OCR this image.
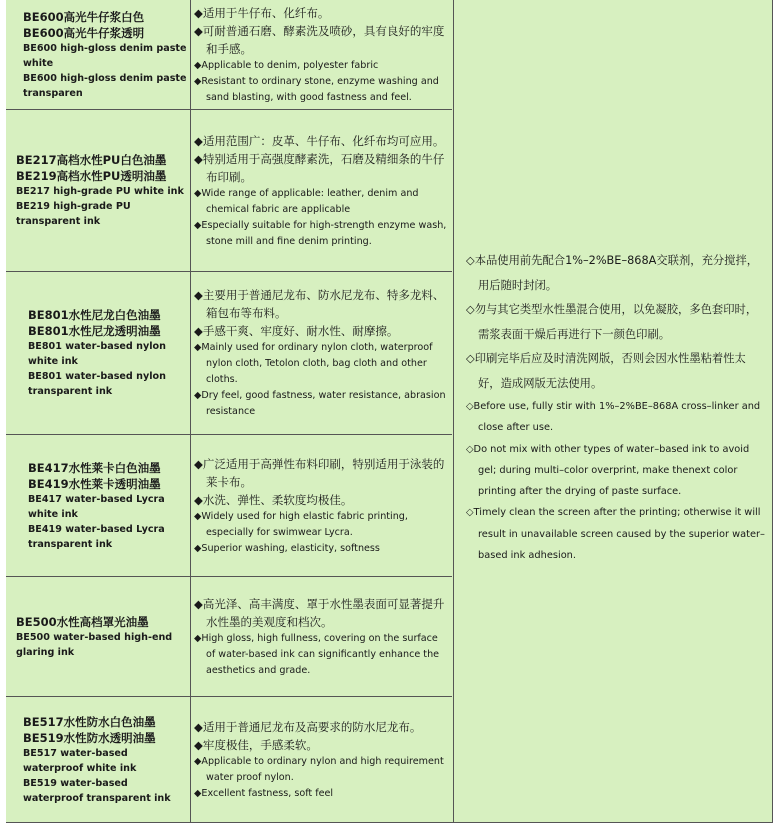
BE600高光牛仔浆白色
BE600高光牛仔浆透明
BE600 high-gloss denim paste white
BE600 high-gloss denim paste transparen
◆适用于牛仔布、化纤布。
◆可耐普通石磨、酵素洗及喷砂，具有良好的牢度和手感。
◆Applicable to denim, polyester fabric
◆Resistant to ordinary stone, enzyme washing and sand blasting, with good fastness and feel.
BE217高档水性PU白色油墨
BE219高档水性PU透明油墨
BE217 high-grade PU white ink
BE219 high-grade PU transparent ink
◆适用范围广：皮革、牛仔布、化纤布均可应用。
◆特别适用于高强度酵素洗，石磨及精细条的牛仔布印刷。
◆Wide range of applicable: leather, denim and chemical fabric are applicable
◆Especially suitable for high-strength enzyme wash, stone mill and fine denim printing.
BE801水性尼龙白色油墨
BE801水性尼龙透明油墨
BE801 water-based nylon white ink
BE801 water-based nylon transparent ink
◆主要用于普通尼龙布、防水尼龙布、特多龙料、箱包布等布料。
◆手感干爽、牢度好、耐水性、耐摩擦。
◆Mainly used for ordinary nylon cloth, waterproof nylon cloth, Tetolon cloth, bag cloth and other cloths.
◆Dry feel, good fastness, water resistance, abrasion resistance
BE417水性莱卡白色油墨
BE419水性莱卡透明油墨
BE417 water-based Lycra white ink
BE419 water-based Lycra transparent ink
◆广泛适用于高弹性布料印刷，特别适用于泳装的莱卡布。
◆水洗、弹性、柔软度均极佳。
◆Widely used for high elastic fabric printing, especially for swimwear Lycra.
◆Superior washing, elasticity, softness
BE500水性高档罩光油墨
BE500 water-based high-end glaring ink
◆高光泽、高丰满度、罩于水性墨表面可显著提升水性墨的美观度和档次。
◆High gloss, high fullness, covering on the surface of water-based ink can significantly enhance the aesthetics and grade.
BE517水性防水白色油墨
BE519水性防水透明油墨
BE517 water-based waterproof white ink
BE519 water-based waterproof transparent ink
◆适用于普通尼龙布及高要求的防水尼龙布。
◆牢度极佳，手感柔软。
◆Applicable to ordinary nylon and high requirement water proof nylon.
◆Excellent fastness, soft feel
◇本品使用前先配合1%–2%BE–868A交联剂，充分搅拌，用后随时封闭。
◇勿与其它类型水性墨混合使用，以免凝胶，多色套印时，需浆表面干燥后再进行下一颜色印刷。
◇印刷完毕后应及时清洗网版，否则会因水性墨粘着性太好，造成网版无法使用。
◇Before use, fully stir with 1%–2%BE–868A cross–linker and close after use.
◇Do not mix with other types of water–based ink to avoid gel; during multi–color overprint, make thenext color printing after the drying of paste surface.
◇Timely clean the screen after the printing; otherwise it will result in unavailable screen caused by the superior water–based ink adhesion.
